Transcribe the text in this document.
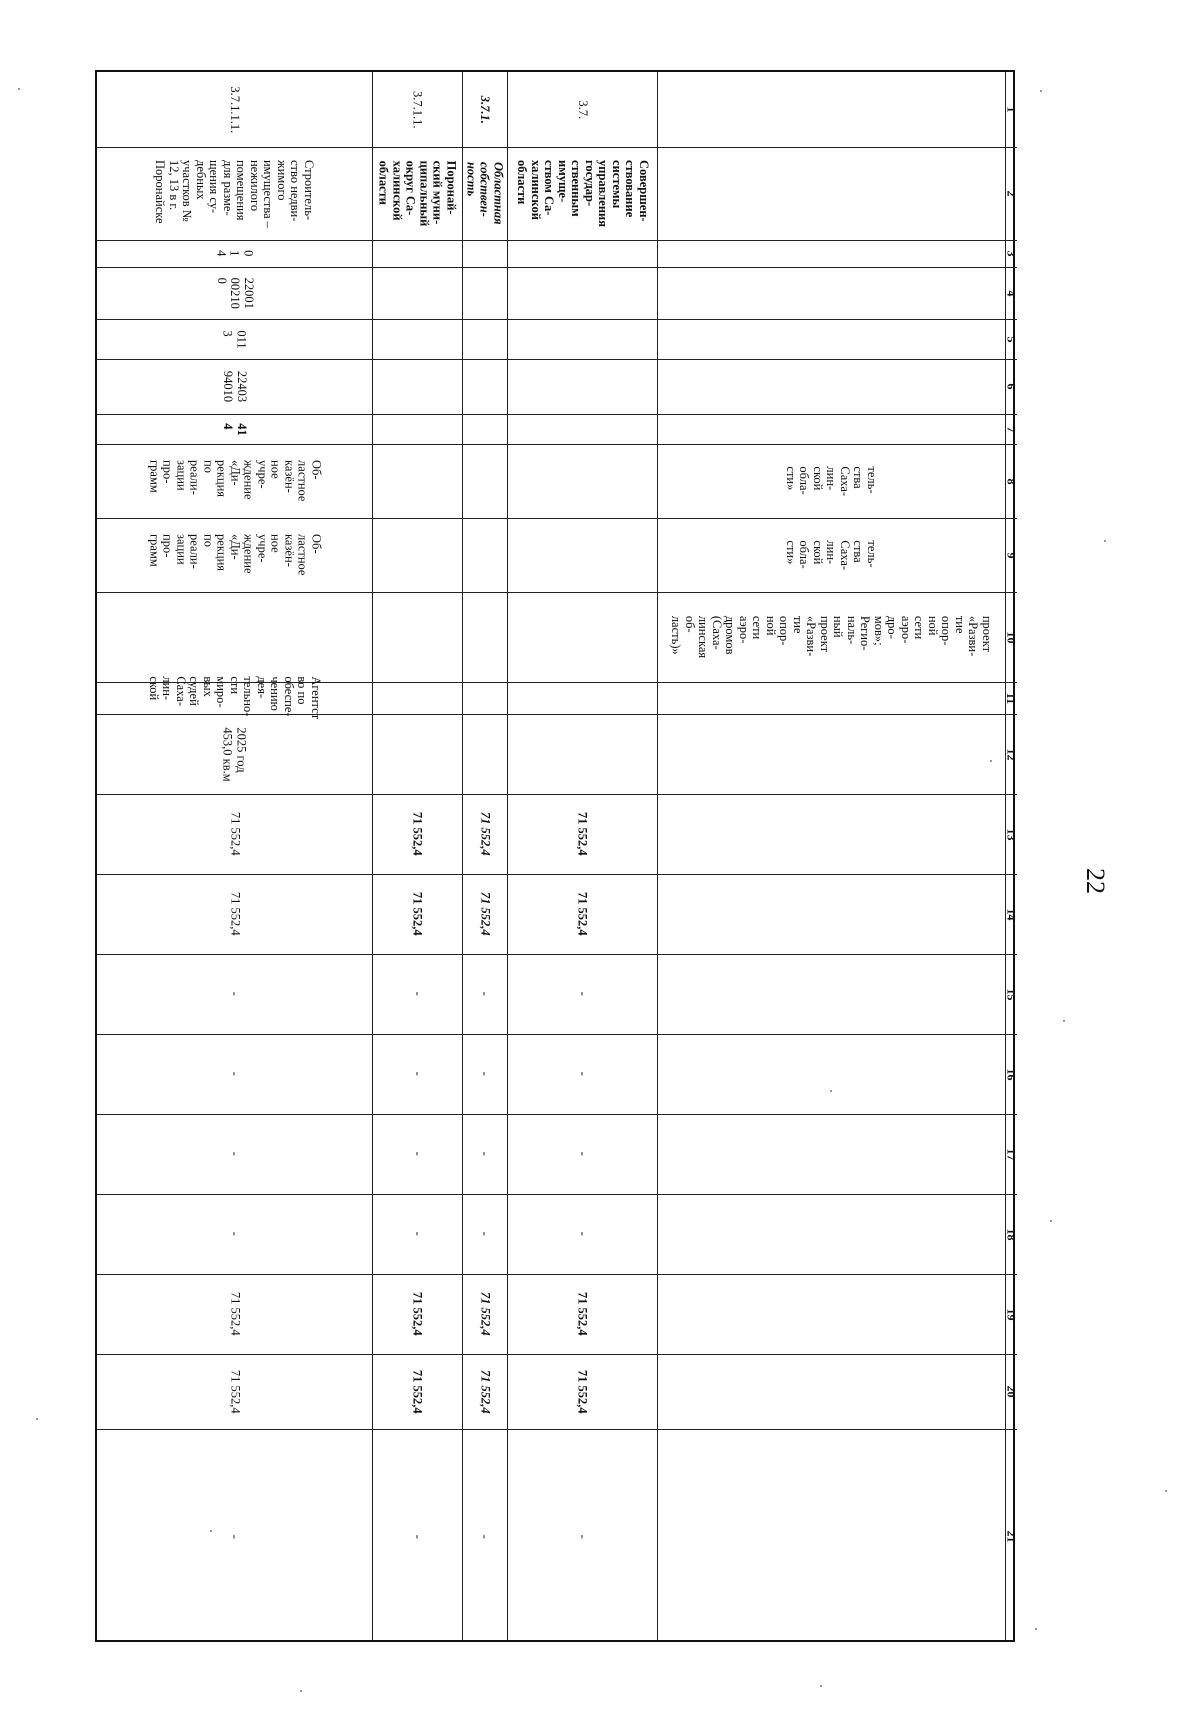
22
1
2
3
4
5
6
7
8
9
10
11
12
13
14
15
16
17
18
19
20
21
тель-
ства
Саха-
лин-
ской
обла-
сти»
тель-
ства
Саха-
лин-
ской
обла-
сти»
проект
«Разви-
тие
опор-
ной
сети
аэро-
дро-
мов»;
Регио-
наль-
ный
проект
«Разви-
тие
опор-
ной
сети
аэро-
дромов
(Саха-
линская
об-
ласть)»
3.7.
Совершен-
ствование
системы
управления
государ-
ственным
имуще-
ством Са-
халинской
области
71 552,4
71 552,4
-
-
-
-
71 552,4
71 552,4
-
3.7.1.
Областная
собствен-
ность
71 552,4
71 552,4
-
-
-
-
71 552,4
71 552,4
-
3.7.1.1.
Поронай-
ский муни-
ципальный
округ Са-
халинской
области
71 552,4
71 552,4
-
-
-
-
71 552,4
71 552,4
-
3.7.1.1.1.
Строитель-
ство недви-
жимого
имущества –
нежилого
помещения
для разме-
щения су-
дебных
участков №
12, 13 в г.
Поронайске
0
1
4
22001
00210
0
011
3
22403
94010
41
4
Об-
ластное
казён-
ное
учре-
ждение
«Ди-
рекция
по
реали-
зации
про-
грамм
Об-
ластное
казён-
ное
учре-
ждение
«Ди-
рекция
по
реали-
зации
про-
грамм
Агентст
во по
обеспе-
чению
дея-
тельно-
сти
миро-
вых
судей
Саха-
лин-
ской
2025 год
453,0 кв.м
71 552,4
71 552,4
-
-
-
-
71 552,4
71 552,4
-
